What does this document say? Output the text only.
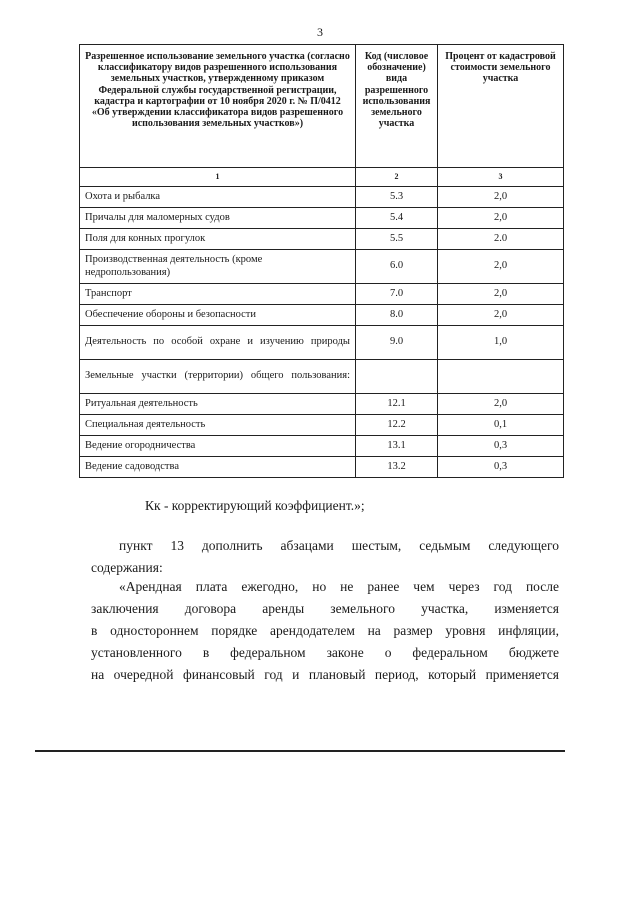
3
Разрешенное использование земельного участка (согласно классификатору видов разрешенного использования земельных участков, утвержденному приказом Федеральной службы государственной регистрации, кадастра и картографии от 10 ноября 2020 г. № П/0412 «Об утверждении классификатора видов разрешенного использования земельных участков»)	Код (числовое обозначение) вида разрешенного использования земельного участка	Процент от кадастровой стоимости земельного участка
1	2	3
Охота и рыбалка	5.3	2,0
Причалы для маломерных судов	5.4	2,0
Поля для конных прогулок	5.5	2.0
Производственная деятельность (кроме недропользования)	6.0	2,0
Транспорт	7.0	2,0
Обеспечение обороны и безопасности	8.0	2,0
Деятельность по особой охране и изучению природы	9.0	1,0
Земельные участки (территории) общего пользования:		
Ритуальная деятельность	12.1	2,0
Специальная деятельность	12.2	0,1
Ведение огородничества	13.1	0,3
Ведение садоводства	13.2	0,3
Кк - корректирующий коэффициент.»;
пункт 13 дополнить абзацами шестым, седьмым следующего
содержания:
«Арендная плата ежегодно, но не ранее чем через год после
заключения договора аренды земельного участка, изменяется
в одностороннем порядке арендодателем на размер уровня инфляции,
установленного в федеральном законе о федеральном бюджете
на очередной финансовый год и плановый период, который применяется
